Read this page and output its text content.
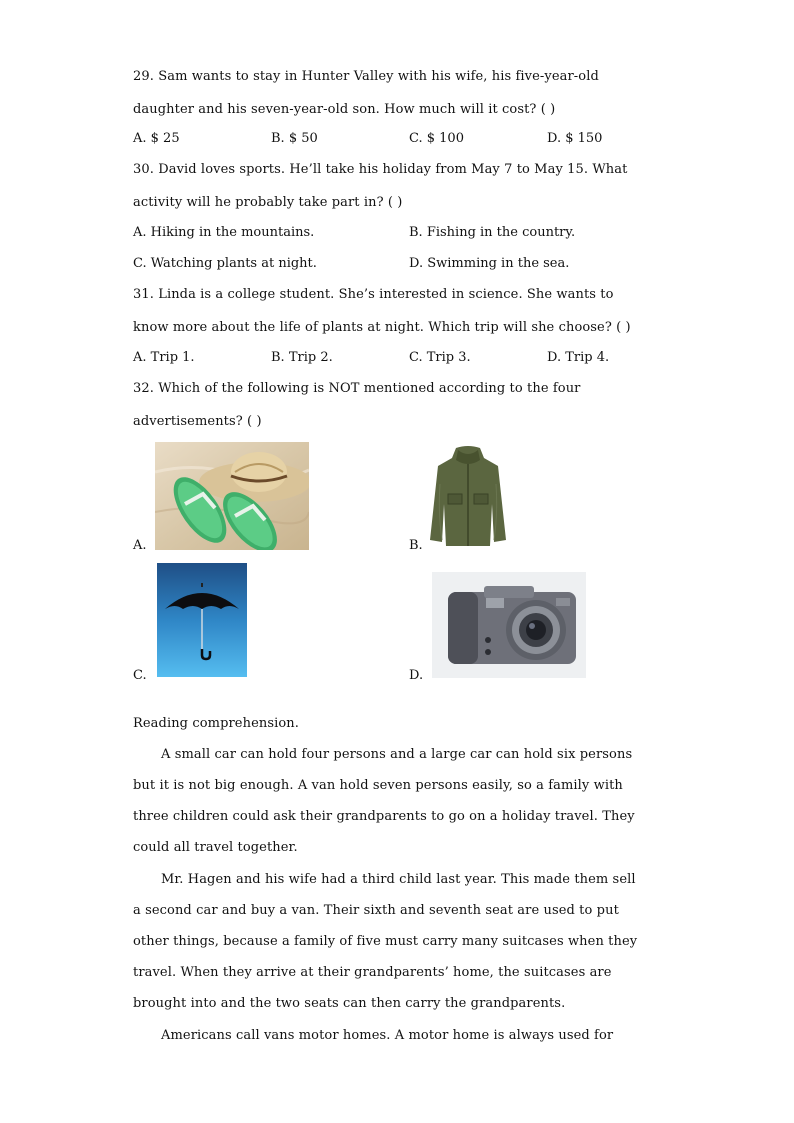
29. Sam wants to stay in Hunter Valley with his wife, his five-year-old
daughter and his seven-year-old son. How much will it cost? ( )
A. $ 25	B. $ 50	C. $ 100	D. $ 150
30. David loves sports. He’ll take his holiday from May 7 to May 15. What
activity will he probably take part in? ( )
A. Hiking in the mountains.	B. Fishing in the country.
C. Watching plants at night.	D. Swimming in the sea.
31. Linda is a college student. She’s interested in science. She wants to
know more about the life of plants at night. Which trip will she choose? ( )
A. Trip 1.	B. Trip 2.	C. Trip 3.	D. Trip 4.
32. Which of the following is NOT mentioned according to the four
advertisements? ( )
A.	B.
C.	D.
Reading comprehension.
A small car can hold four persons and a large car can hold six persons
but it is not big enough. A van hold seven persons easily, so a family with
three children could ask their grandparents to go on a holiday travel. They
could all travel together.
Mr. Hagen and his wife had a third child last year. This made them sell
a second car and buy a van. Their sixth and seventh seat are used to put
other things, because a family of five must carry many suitcases when they
travel. When they arrive at their grandparents’ home, the suitcases are
brought into and the two seats can then carry the grandparents.
Americans call vans motor homes. A motor home is always used for
